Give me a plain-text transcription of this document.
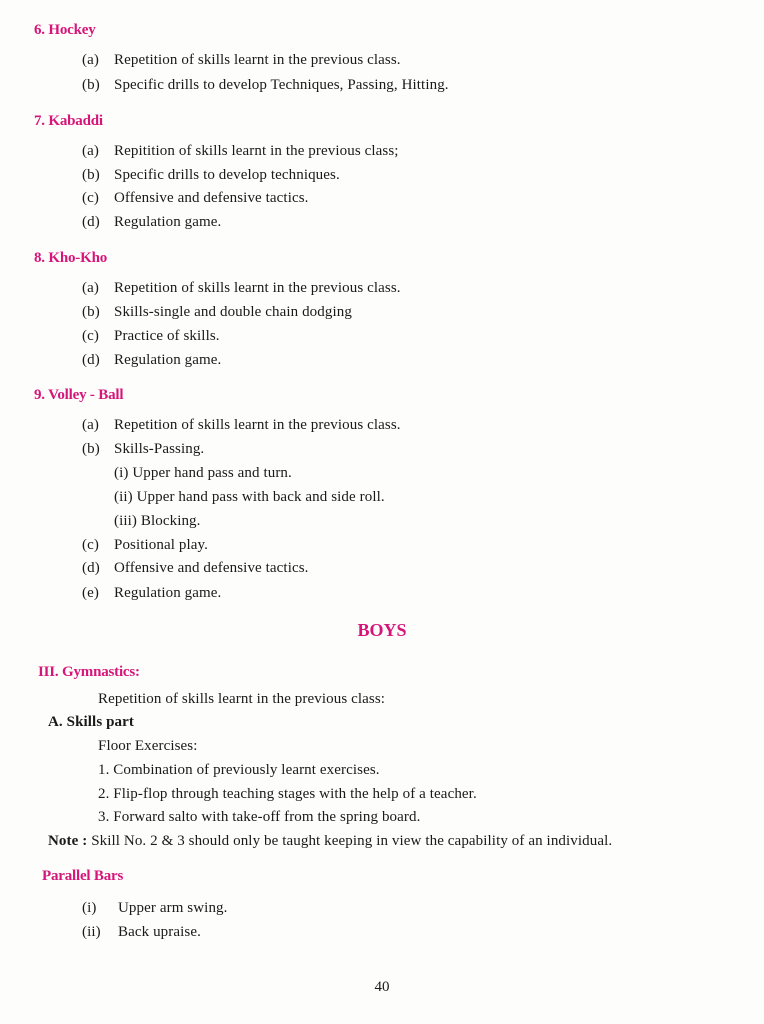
6. Hockey
(a) Repetition of skills learnt in the previous class.
(b) Specific drills to develop Techniques, Passing, Hitting.
7. Kabaddi
(a) Repitition of skills learnt in the previous class;
(b) Specific drills to develop techniques.
(c) Offensive and defensive tactics.
(d) Regulation game.
8. Kho-Kho
(a) Repetition of skills learnt in the previous class.
(b) Skills-single and double chain dodging
(c) Practice of skills.
(d) Regulation game.
9. Volley - Ball
(a) Repetition of skills learnt in the previous class.
(b) Skills-Passing.
(i) Upper hand pass and turn.
(ii) Upper hand pass with back and side roll.
(iii) Blocking.
(c) Positional play.
(d) Offensive and defensive tactics.
(e) Regulation game.
BOYS
III. Gymnastics:
Repetition of skills learnt in the previous class:
A. Skills part
Floor Exercises:
1. Combination of previously learnt exercises.
2. Flip-flop through teaching stages with the help of a teacher.
3. Forward salto with take-off from the spring board.
Note : Skill No. 2 & 3 should only be taught keeping in view the capability of an individual.
Parallel Bars
(i) Upper arm swing.
(ii) Back upraise.
40
